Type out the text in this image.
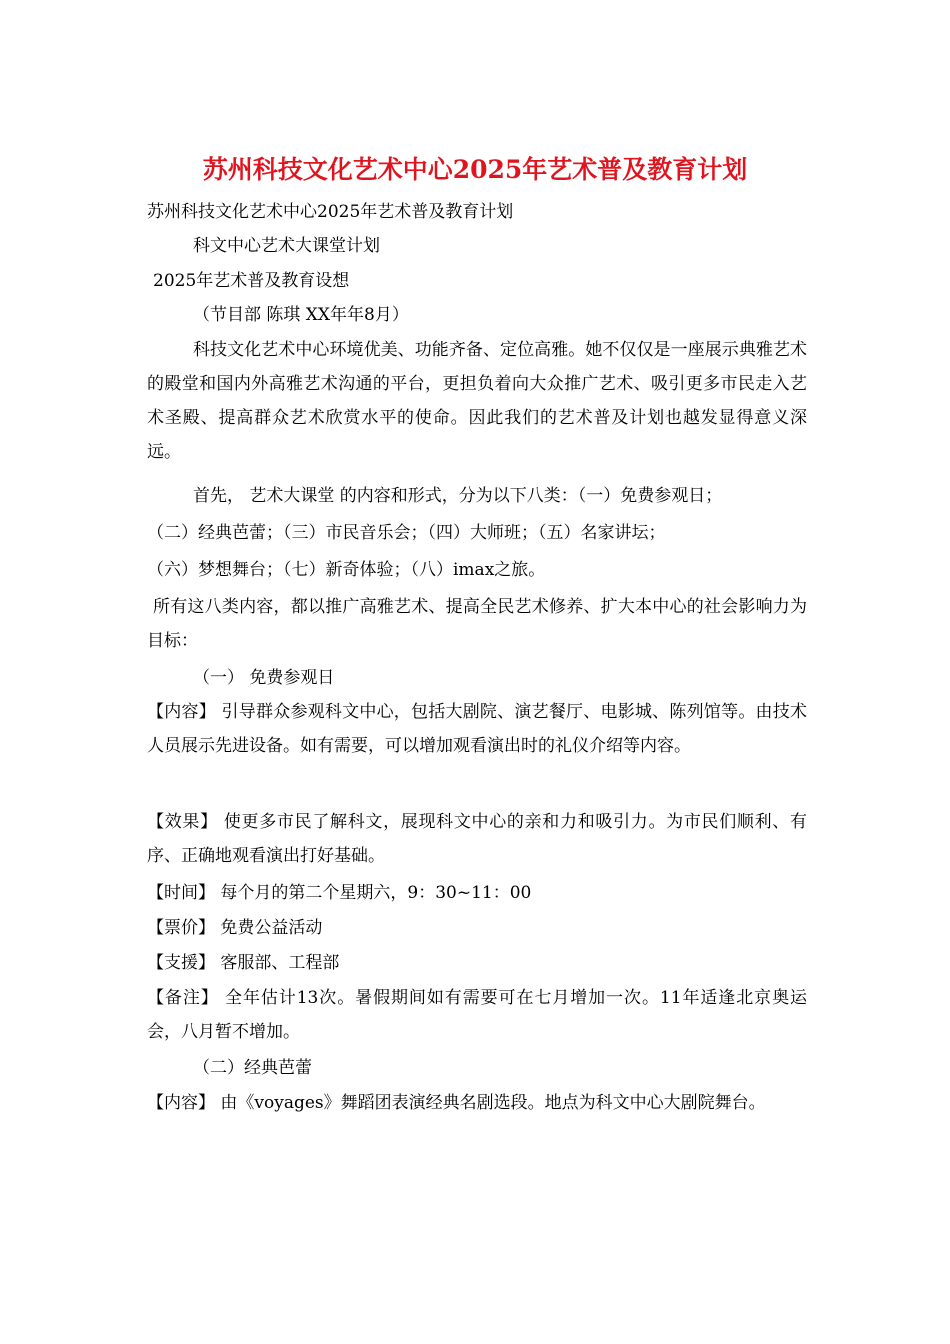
苏州科技文化艺术中心2025年艺术普及教育计划

苏州科技文化艺术中心2025年艺术普及教育计划

科文中心艺术大课堂计划

2025年艺术普及教育设想

（节目部 陈琪 XX年年8月）

科技文化艺术中心环境优美、功能齐备、定位高雅。她不仅仅是一座展示典雅艺术的殿堂和国内外高雅艺术沟通的平台，更担负着向大众推广艺术、吸引更多市民走入艺术圣殿、提高群众艺术欣赏水平的使命。因此我们的艺术普及计划也越发显得意义深远。

首先， 艺术大课堂 的内容和形式，分为以下八类：（一）免费参观日；

（二）经典芭蕾；（三）市民音乐会；（四）大师班；（五）名家讲坛；

（六）梦想舞台；（七）新奇体验；（八）imax之旅。

所有这八类内容，都以推广高雅艺术、提高全民艺术修养、扩大本中心的社会影响力为目标：

（一） 免费参观日

【内容】 引导群众参观科文中心，包括大剧院、演艺餐厅、电影城、陈列馆等。由技术人员展示先进设备。如有需要，可以增加观看演出时的礼仪介绍等内容。

【效果】 使更多市民了解科文，展现科文中心的亲和力和吸引力。为市民们顺利、有序、正确地观看演出打好基础。

【时间】 每个月的第二个星期六，9：30~11：00

【票价】 免费公益活动

【支援】 客服部、工程部

【备注】 全年估计13次。暑假期间如有需要可在七月增加一次。11年适逢北京奥运会，八月暂不增加。

（二）经典芭蕾

【内容】 由《voyages》舞蹈团表演经典名剧选段。地点为科文中心大剧院舞台。
